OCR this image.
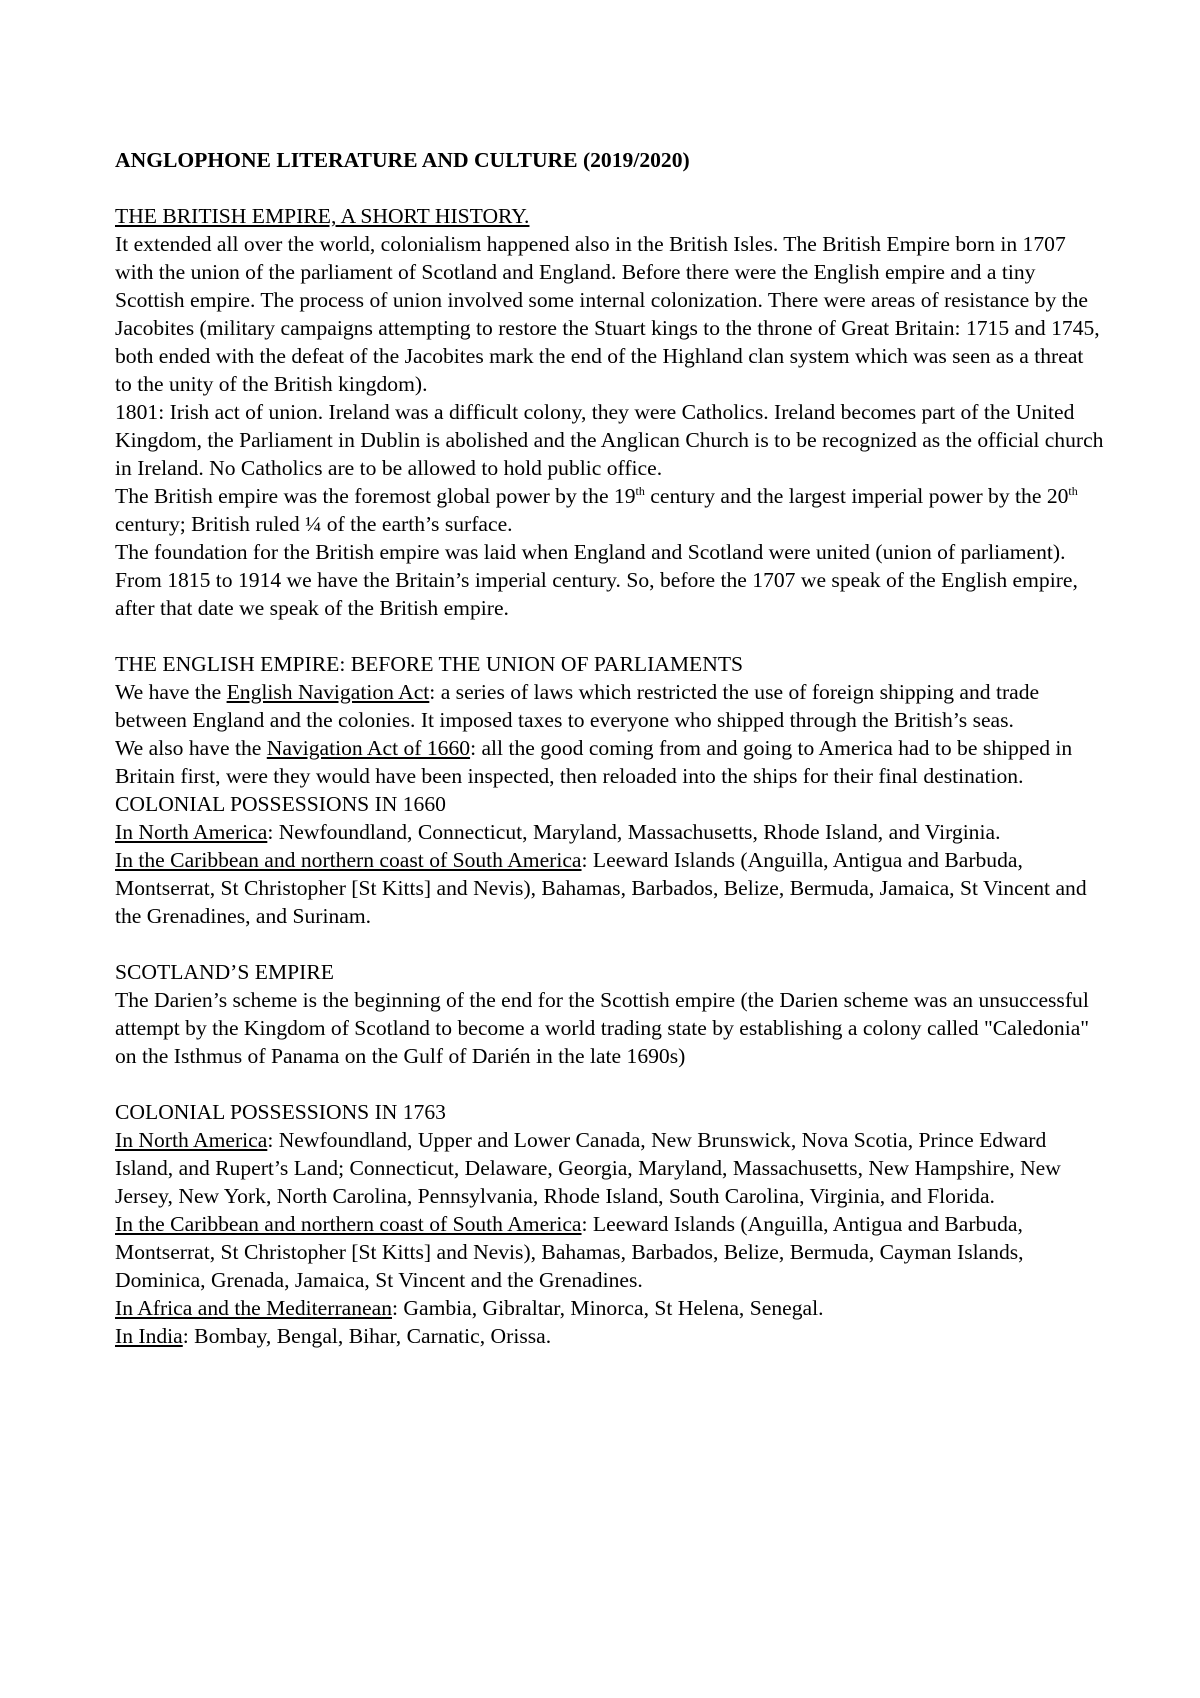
ANGLOPHONE LITERATURE AND CULTURE (2019/2020)

THE BRITISH EMPIRE, A SHORT HISTORY.

It extended all over the world, colonialism happened also in the British Isles. The British Empire born in 1707 with the union of the parliament of Scotland and England. Before there were the English empire and a tiny Scottish empire. The process of union involved some internal colonization. There were areas of resistance by the Jacobites (military campaigns attempting to restore the Stuart kings to the throne of Great Britain: 1715 and 1745, both ended with the defeat of the Jacobites mark the end of the Highland clan system which was seen as a threat to the unity of the British kingdom).

1801: Irish act of union. Ireland was a difficult colony, they were Catholics. Ireland becomes part of the United Kingdom, the Parliament in Dublin is abolished and the Anglican Church is to be recognized as the official church in Ireland. No Catholics are to be allowed to hold public office.

The British empire was the foremost global power by the 19th century and the largest imperial power by the 20th century; British ruled ¼ of the earth’s surface.

The foundation for the British empire was laid when England and Scotland were united (union of parliament). From 1815 to 1914 we have the Britain’s imperial century. So, before the 1707 we speak of the English empire, after that date we speak of the British empire.

THE ENGLISH EMPIRE: BEFORE THE UNION OF PARLIAMENTS

We have the English Navigation Act: a series of laws which restricted the use of foreign shipping and trade between England and the colonies. It imposed taxes to everyone who shipped through the British’s seas.

We also have the Navigation Act of 1660: all the good coming from and going to America had to be shipped in Britain first, were they would have been inspected, then reloaded into the ships for their final destination.

COLONIAL POSSESSIONS IN 1660

In North America: Newfoundland, Connecticut, Maryland, Massachusetts, Rhode Island, and Virginia.

In the Caribbean and northern coast of South America: Leeward Islands (Anguilla, Antigua and Barbuda, Montserrat, St Christopher [St Kitts] and Nevis), Bahamas, Barbados, Belize, Bermuda, Jamaica, St Vincent and the Grenadines, and Surinam.

SCOTLAND’S EMPIRE

The Darien’s scheme is the beginning of the end for the Scottish empire (the Darien scheme was an unsuccessful attempt by the Kingdom of Scotland to become a world trading state by establishing a colony called "Caledonia" on the Isthmus of Panama on the Gulf of Darién in the late 1690s)

COLONIAL POSSESSIONS IN 1763

In North America: Newfoundland, Upper and Lower Canada, New Brunswick, Nova Scotia, Prince Edward Island, and Rupert’s Land; Connecticut, Delaware, Georgia, Maryland, Massachusetts, New Hampshire, New Jersey, New York, North Carolina, Pennsylvania, Rhode Island, South Carolina, Virginia, and Florida.

In the Caribbean and northern coast of South America: Leeward Islands (Anguilla, Antigua and Barbuda, Montserrat, St Christopher [St Kitts] and Nevis), Bahamas, Barbados, Belize, Bermuda, Cayman Islands, Dominica, Grenada, Jamaica, St Vincent and the Grenadines.

In Africa and the Mediterranean: Gambia, Gibraltar, Minorca, St Helena, Senegal.

In India: Bombay, Bengal, Bihar, Carnatic, Orissa.
